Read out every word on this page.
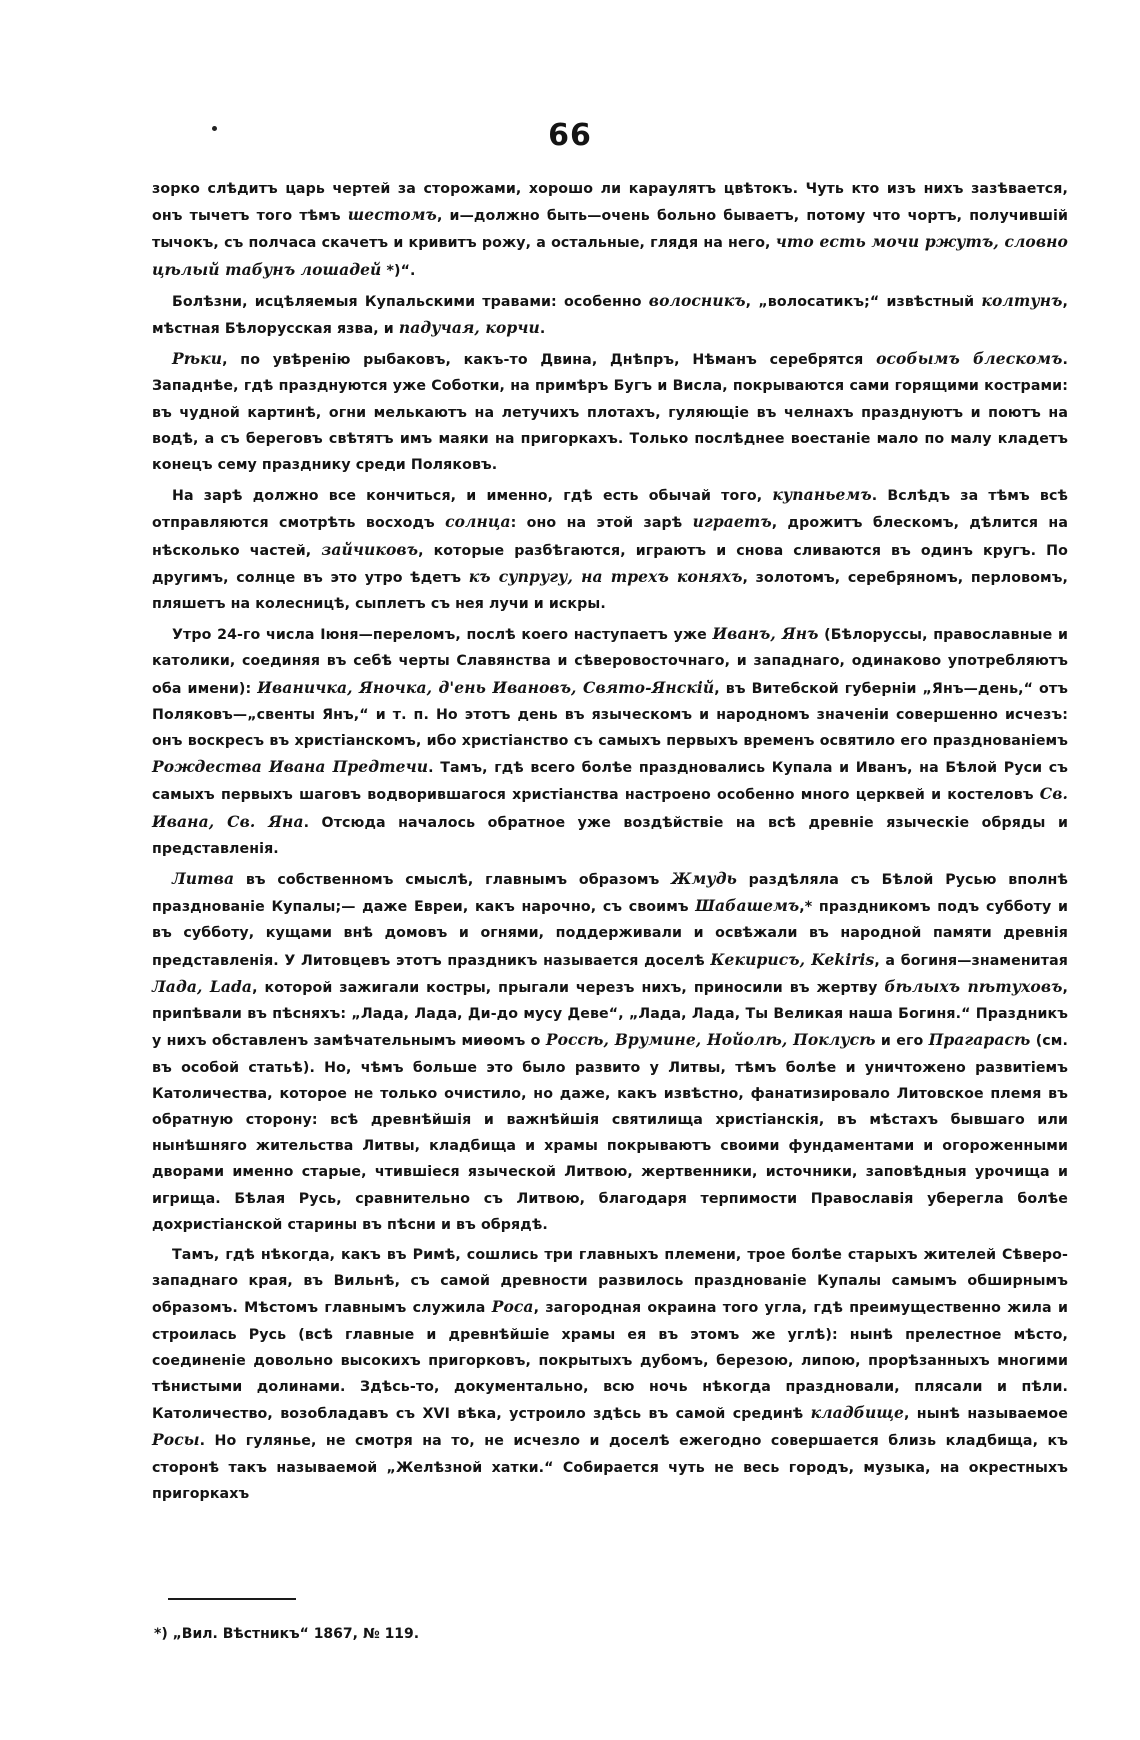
66

зорко слѣдитъ царь чертей за сторожами, хорошо ли караулятъ цвѣтокъ. Чуть кто изъ нихъ зазѣвается, онъ тычетъ того тѣмъ шестомъ, и—должно быть—очень больно бываетъ, потому что чортъ, получившій тычокъ, съ полчаса скачетъ и кривитъ рожу, а остальные, глядя на него, что есть мочи ржутъ, словно цѣлый табунъ лошадей *)“.

Болѣзни, исцѣляемыя Купальскими травами: особенно волосникъ, „волосатикъ;“ извѣстный колтунъ, мѣстная Бѣлорусская язва, и падучая, корчи.

Рѣки, по увѣренію рыбаковъ, какъ-то Двина, Днѣпръ, Нѣманъ серебрятся особымъ блескомъ. Западнѣе, гдѣ празднуются уже Соботки, на примѣръ Бугъ и Висла, покрываются сами горящими кострами: въ чудной картинѣ, огни мелькаютъ на летучихъ плотахъ, гуляющіе въ челнахъ празднуютъ и поютъ на водѣ, а съ береговъ свѣтятъ имъ маяки на пригоркахъ. Только послѣднее воестаніе мало по малу кладетъ конецъ сему празднику среди Поляковъ.

На зарѣ должно все кончиться, и именно, гдѣ есть обычай того, купаньемъ. Вслѣдъ за тѣмъ всѣ отправляются смотрѣть восходъ солнца: оно на этой зарѣ играетъ, дрожитъ блескомъ, дѣлится на нѣсколько частей, зайчиковъ, которые разбѣгаются, играютъ и снова сливаются въ одинъ кругъ. По другимъ, солнце въ это утро ѣдетъ къ супругу, на трехъ коняхъ, золотомъ, серебряномъ, перловомъ, пляшетъ на колесницѣ, сыплетъ съ нея лучи и искры.

Утро 24-го числа Іюня—переломъ, послѣ коего наступаетъ уже Иванъ, Янъ (Бѣлоруссы, православные и католики, соединяя въ себѣ черты Славянства и сѣверовосточнаго, и западнаго, одинаково употребляютъ оба имени): Иваничка, Яночка, д'ень Ивановъ, Свято-Янскій, въ Витебской губерніи „Янъ—день,“ отъ Поляковъ—„свенты Янъ,“ и т. п. Но этотъ день въ языческомъ и народномъ значеніи совершенно исчезъ: онъ воскресъ въ христіанскомъ, ибо христіанство съ самыхъ первыхъ временъ освятило его празднованіемъ Рождества Ивана Предтечи. Тамъ, гдѣ всего болѣе праздновались Купала и Иванъ, на Бѣлой Руси съ самыхъ первыхъ шаговъ водворившагося христіанства настроено особенно много церквей и костеловъ Св. Ивана, Св. Яна. Отсюда началось обратное уже воздѣйствіе на всѣ древніе языческіе обряды и представленія.

Литва въ собственномъ смыслѣ, главнымъ образомъ Жмудь раздѣляла съ Бѣлой Русью вполнѣ празднованіе Купалы;— даже Евреи, какъ нарочно, съ своимъ Шабашемъ,* праздникомъ подъ субботу и въ субботу, кущами внѣ домовъ и огнями, поддерживали и освѣжали въ народной памяти древнія представленія. У Литовцевъ этотъ праздникъ называется доселѣ Кекирисъ, Kekiris, а богиня—знаменитая Лада, Lada, которой зажигали костры, прыгали черезъ нихъ, приносили въ жертву бѣлыхъ пѣтуховъ, припѣвали въ пѣсняхъ: „Лада, Лада, Ди-до мусу Деве“, „Лада, Лада, Ты Великая наша Богиня.“ Праздникъ у нихъ обставленъ замѣчательнымъ миѳомъ о Россѣ, Врумине, Нойолѣ, Поклусѣ и его Прагарасѣ (см. въ особой статьѣ). Но, чѣмъ больше это было развито у Литвы, тѣмъ болѣе и уничтожено развитіемъ Католичества, которое не только очистило, но даже, какъ извѣстно, фанатизировало Литовское племя въ обратную сторону: всѣ древнѣйшія и важнѣйшія святилища христіанскія, въ мѣстахъ бывшаго или нынѣшняго жительства Литвы, кладбища и храмы покрываютъ своими фундаментами и огороженными дворами именно старые, чтившіеся языческой Литвою, жертвенники, источники, заповѣдныя урочища и игрища. Бѣлая Русь, сравнительно съ Литвою, благодаря терпимости Православія уберегла болѣе дохристіанской старины въ пѣсни и въ обрядѣ.

Тамъ, гдѣ нѣкогда, какъ въ Римѣ, сошлись три главныхъ племени, трое болѣе старыхъ жителей Сѣверо-западнаго края, въ Вильнѣ, съ самой древности развилось празднованіе Купалы самымъ обширнымъ образомъ. Мѣстомъ главнымъ служила Роса, загородная окраина того угла, гдѣ преимущественно жила и строилась Русь (всѣ главные и древнѣйшіе храмы ея въ этомъ же углѣ): нынѣ прелестное мѣсто, соединеніе довольно высокихъ пригорковъ, покрытыхъ дубомъ, березою, липою, прорѣзанныхъ многими тѣнистыми долинами. Здѣсь-то, документально, всю ночь нѣкогда праздновали, плясали и пѣли. Католичество, возобладавъ съ XVI вѣка, устроило здѣсь въ самой срединѣ кладбище, нынѣ называемое Росы. Но гулянье, не смотря на то, не исчезло и доселѣ ежегодно совершается близь кладбища, къ сторонѣ такъ называемой „Желѣзной хатки.“ Собирается чуть не весь городъ, музыка, на окрестныхъ пригоркахъ

*) „Вил. Вѣстникъ“ 1867, № 119.
